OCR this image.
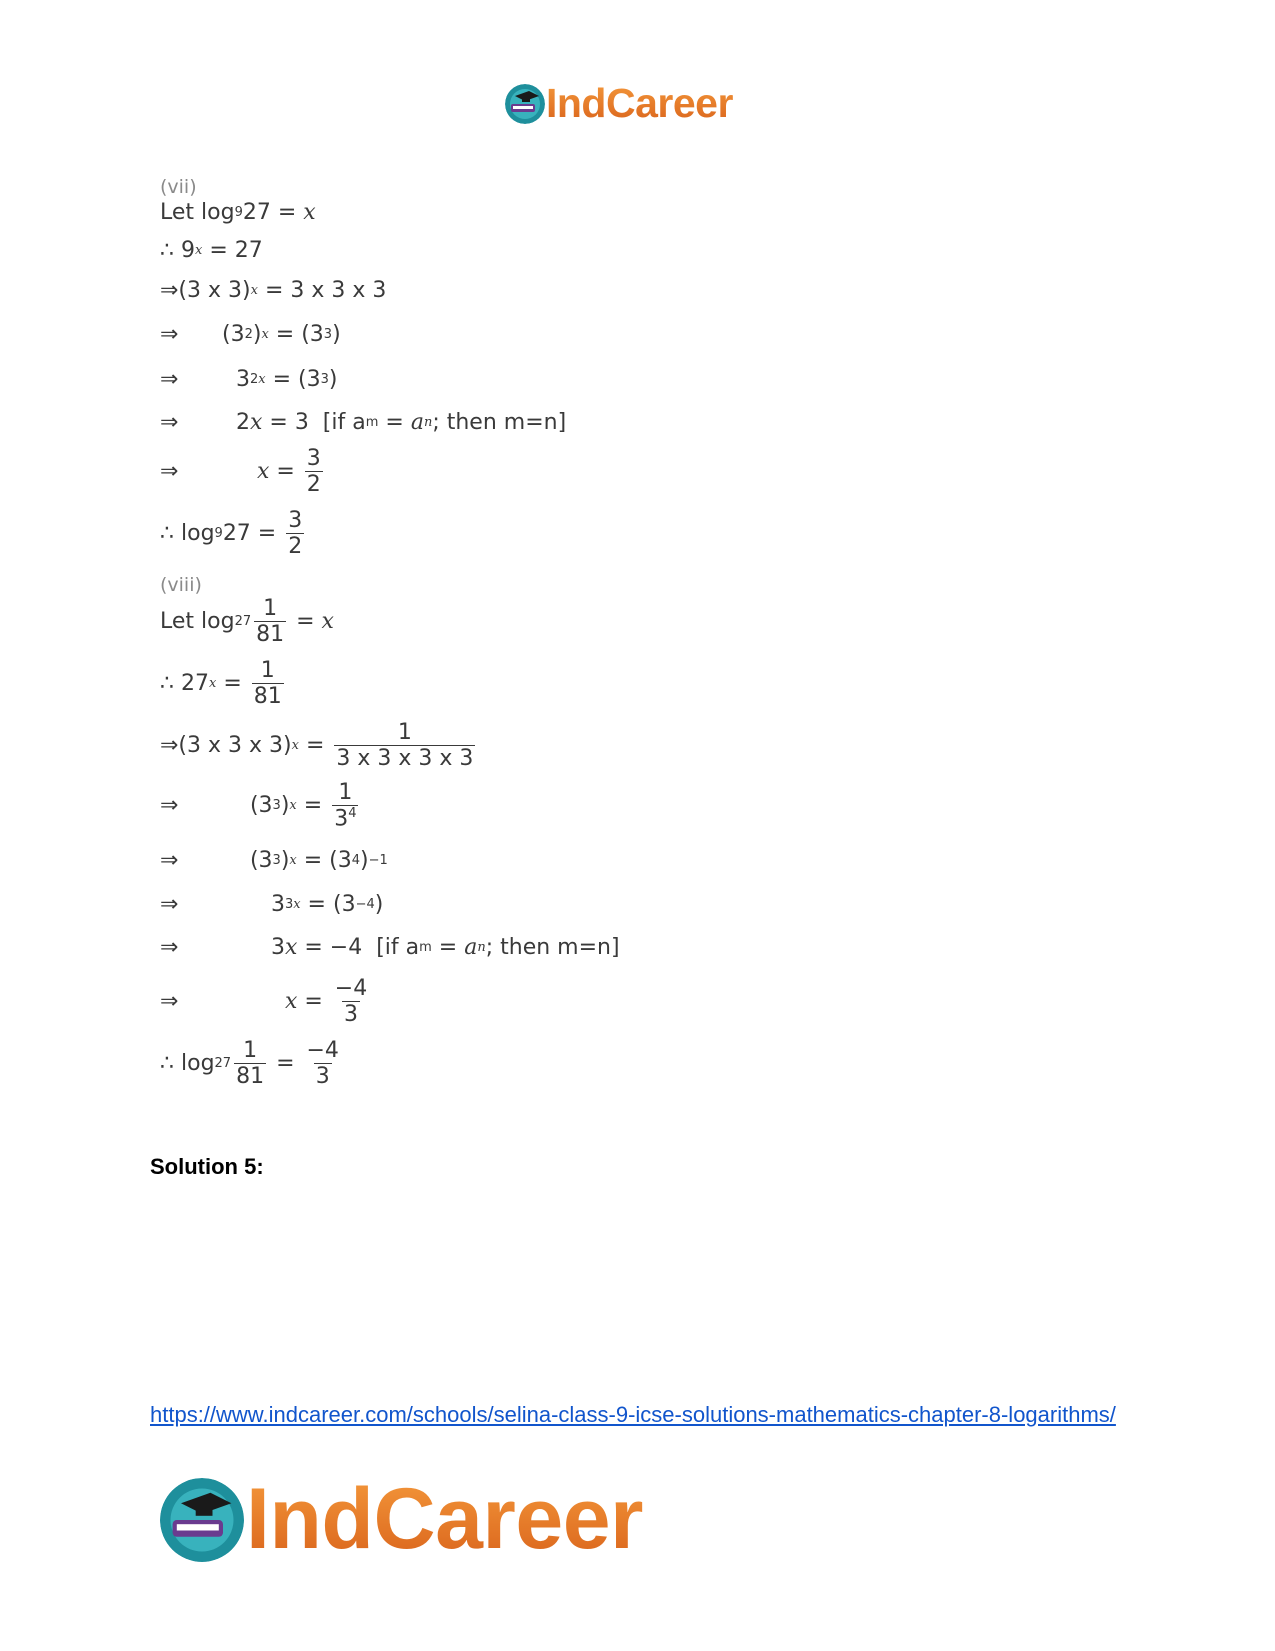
IndCareer
(vii)
Let log 9 27 = x
∴ 9 x = 27
⇒(3 x 3) x = 3 x 3 x 3
⇒	(3 2 ) x = (3 3 )
⇒	3 2x = (3 3 )
⇒	2 x = 3  [if a m = a n ; then m=n]
⇒
	$x = \frac{3}{2}$
∴ log 9 $27 = \frac{3}{2}$
(viii)
Let $\log 27 \frac{1}{81} = x$
∴ 27 $x = \frac{1}{81}$
⇒(3 x 3 x 3) $x = \frac{1}{3 x 3 x 3 x 3}$
⇒	(3 3 ) $x = \frac{1}{3^4}$
⇒	(3 3 ) x = (3 4 ) −1
⇒	3 3x = (3 −4 )
⇒	3 x = −4  [if a m = a n ; then m=n]
⇒
	$x = \frac{-4}{3}$
∴ $\log 27 \frac{1}{81} = \frac{-4}{3}$
Solution 5:
https://www.indcareer.com/schools/selina-class-9-icse-solutions-mathematics-chapter-8-logarithms/
IndCareer
